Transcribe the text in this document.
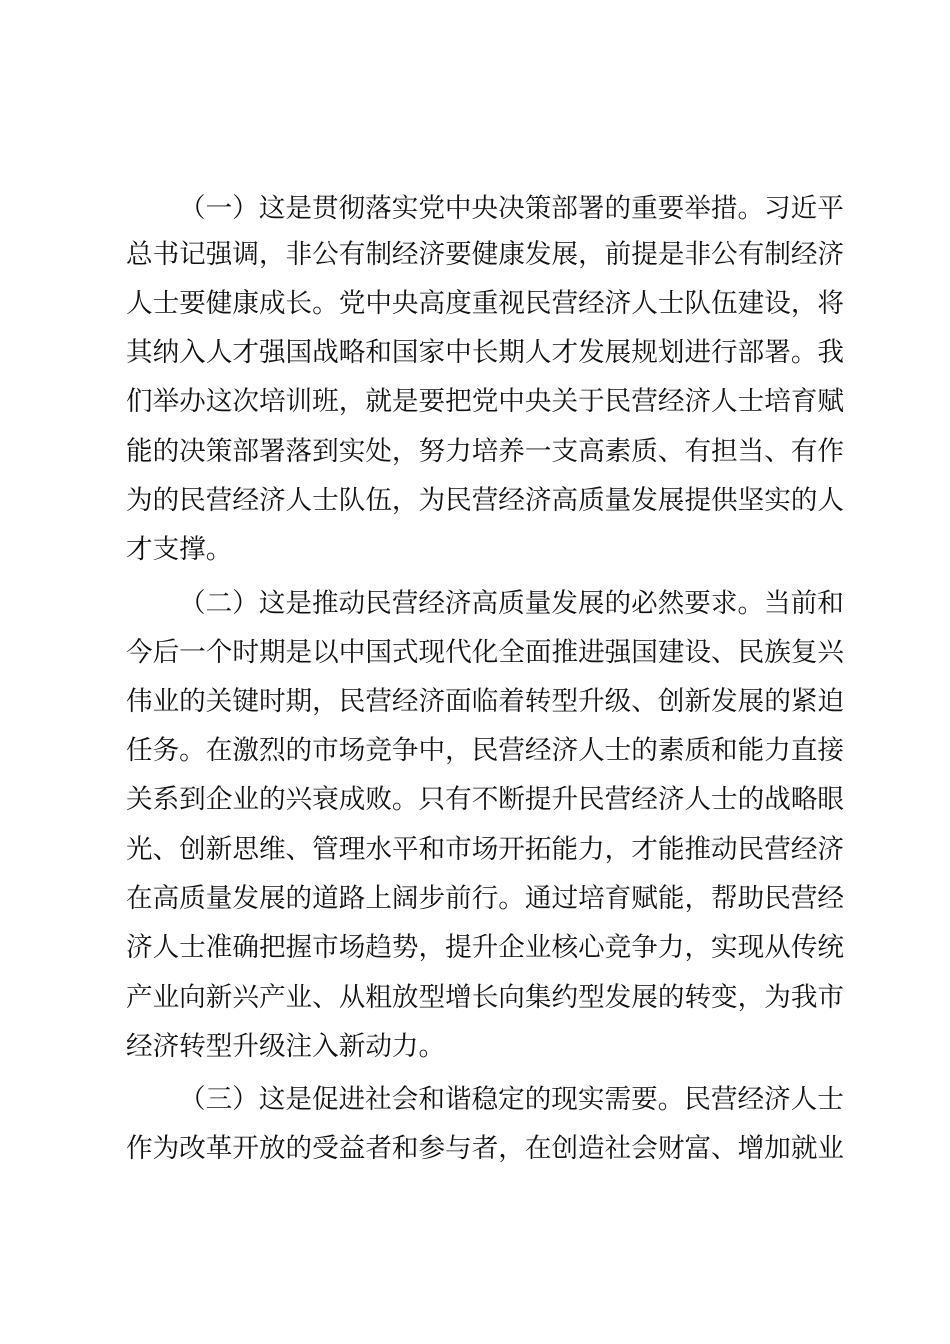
（一）这是贯彻落实党中央决策部署的重要举措。习近平
总书记强调，非公有制经济要健康发展，前提是非公有制经济
人士要健康成长。党中央高度重视民营经济人士队伍建设，将
其纳入人才强国战略和国家中长期人才发展规划进行部署。我
们举办这次培训班，就是要把党中央关于民营经济人士培育赋
能的决策部署落到实处，努力培养一支高素质、有担当、有作
为的民营经济人士队伍，为民营经济高质量发展提供坚实的人
才支撑。
（二）这是推动民营经济高质量发展的必然要求。当前和
今后一个时期是以中国式现代化全面推进强国建设、民族复兴
伟业的关键时期，民营经济面临着转型升级、创新发展的紧迫
任务。在激烈的市场竞争中，民营经济人士的素质和能力直接
关系到企业的兴衰成败。只有不断提升民营经济人士的战略眼
光、创新思维、管理水平和市场开拓能力，才能推动民营经济
在高质量发展的道路上阔步前行。通过培育赋能，帮助民营经
济人士准确把握市场趋势，提升企业核心竞争力，实现从传统
产业向新兴产业、从粗放型增长向集约型发展的转变，为我市
经济转型升级注入新动力。
（三）这是促进社会和谐稳定的现实需要。民营经济人士
作为改革开放的受益者和参与者，在创造社会财富、增加就业
